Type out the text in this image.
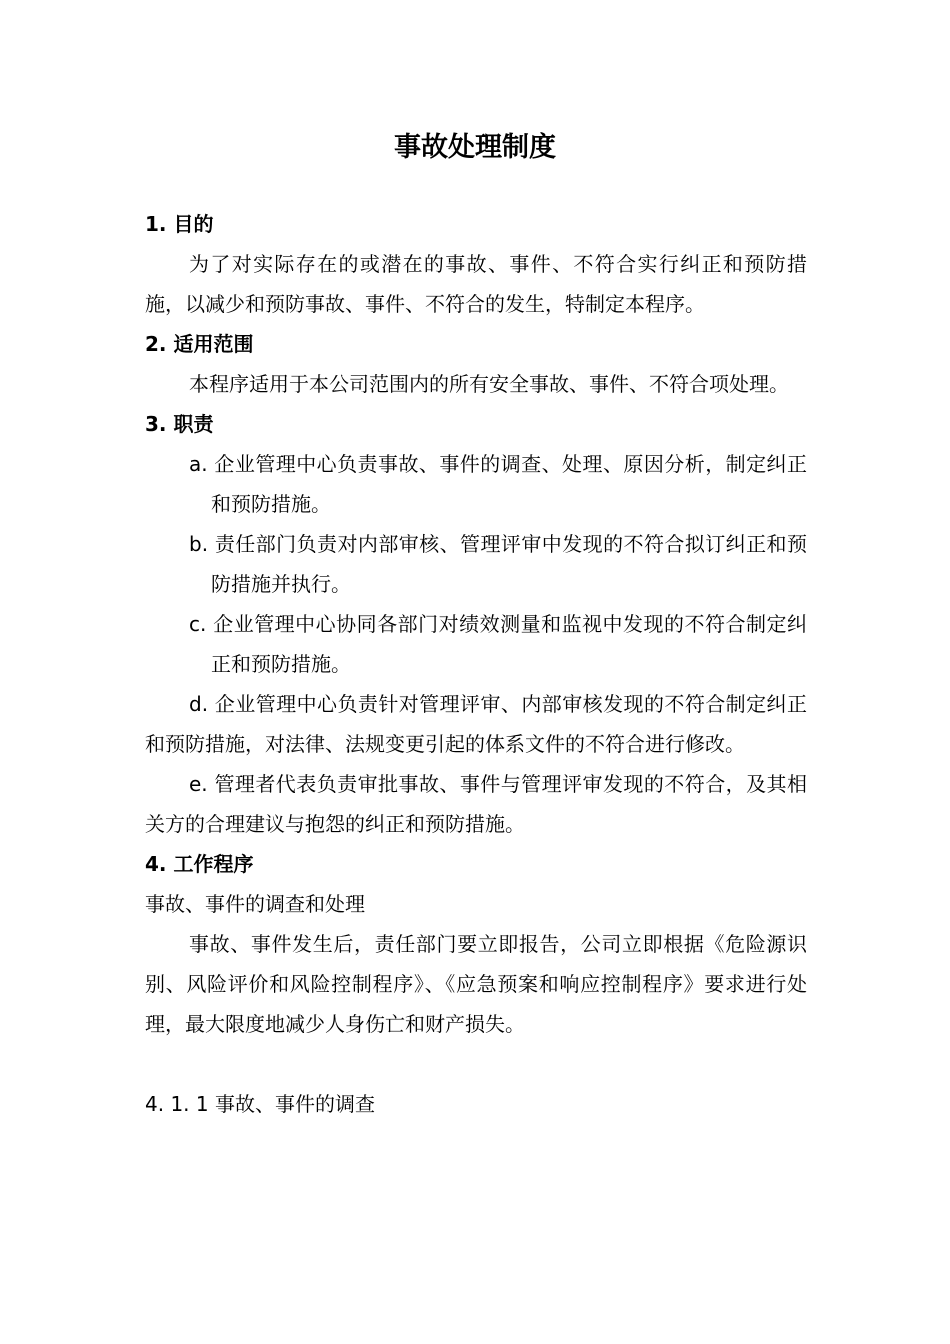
事故处理制度

1. 目的

为了对实际存在的或潜在的事故、事件、不符合实行纠正和预防措施，以减少和预防事故、事件、不符合的发生，特制定本程序。

2. 适用范围

本程序适用于本公司范围内的所有安全事故、事件、不符合项处理。

3. 职责

a. 企业管理中心负责事故、事件的调查、处理、原因分析，制定纠正和预防措施。

b. 责任部门负责对内部审核、管理评审中发现的不符合拟订纠正和预防措施并执行。

c. 企业管理中心协同各部门对绩效测量和监视中发现的不符合制定纠正和预防措施。

d. 企业管理中心负责针对管理评审、内部审核发现的不符合制定纠正和预防措施，对法律、法规变更引起的体系文件的不符合进行修改。

e. 管理者代表负责审批事故、事件与管理评审发现的不符合，及其相关方的合理建议与抱怨的纠正和预防措施。

4. 工作程序

事故、事件的调查和处理

事故、事件发生后，责任部门要立即报告，公司立即根据《危险源识别、风险评价和风险控制程序》、《应急预案和响应控制程序》要求进行处理，最大限度地减少人身伤亡和财产损失。

4. 1. 1 事故、事件的调查
